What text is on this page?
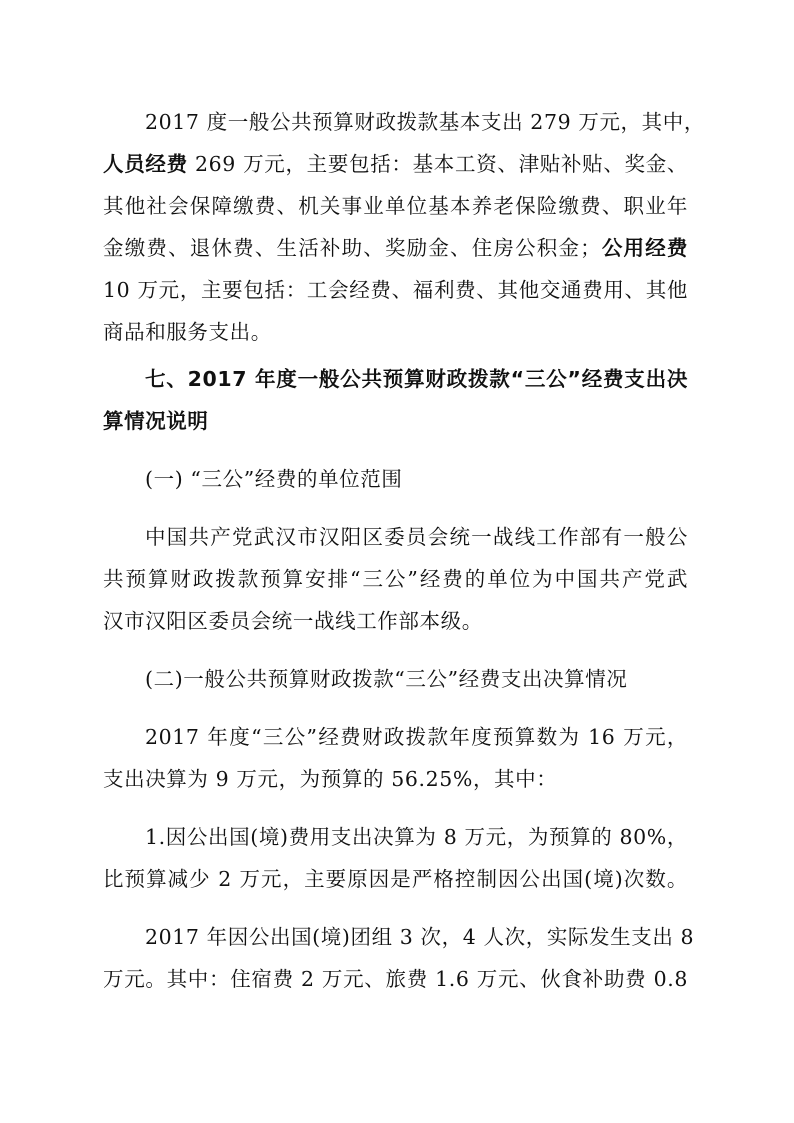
2017 度一般公共预算财政拨款基本支出 279 万元，其中，
人员经费 269 万元，主要包括：基本工资、津贴补贴、奖金、
其他社会保障缴费、机关事业单位基本养老保险缴费、职业年
金缴费、退休费、生活补助、奖励金、住房公积金；公用经费
10 万元，主要包括：工会经费、福利费、其他交通费用、其他
商品和服务支出。
七、2017 年度一般公共预算财政拨款“三公”经费支出决
算情况说明
(一) “三公”经费的单位范围
中国共产党武汉市汉阳区委员会统一战线工作部有一般公
共预算财政拨款预算安排“三公”经费的单位为中国共产党武
汉市汉阳区委员会统一战线工作部本级。
(二)一般公共预算财政拨款“三公”经费支出决算情况
2017 年度“三公”经费财政拨款年度预算数为 16 万元，
支出决算为 9 万元，为预算的 56.25%，其中：
1.因公出国(境)费用支出决算为 8 万元，为预算的 80%，
比预算减少 2 万元，主要原因是严格控制因公出国(境)次数。
2017 年因公出国(境)团组 3 次，4 人次，实际发生支出 8
万元。其中：住宿费 2 万元、旅费 1.6 万元、伙食补助费 0.8
